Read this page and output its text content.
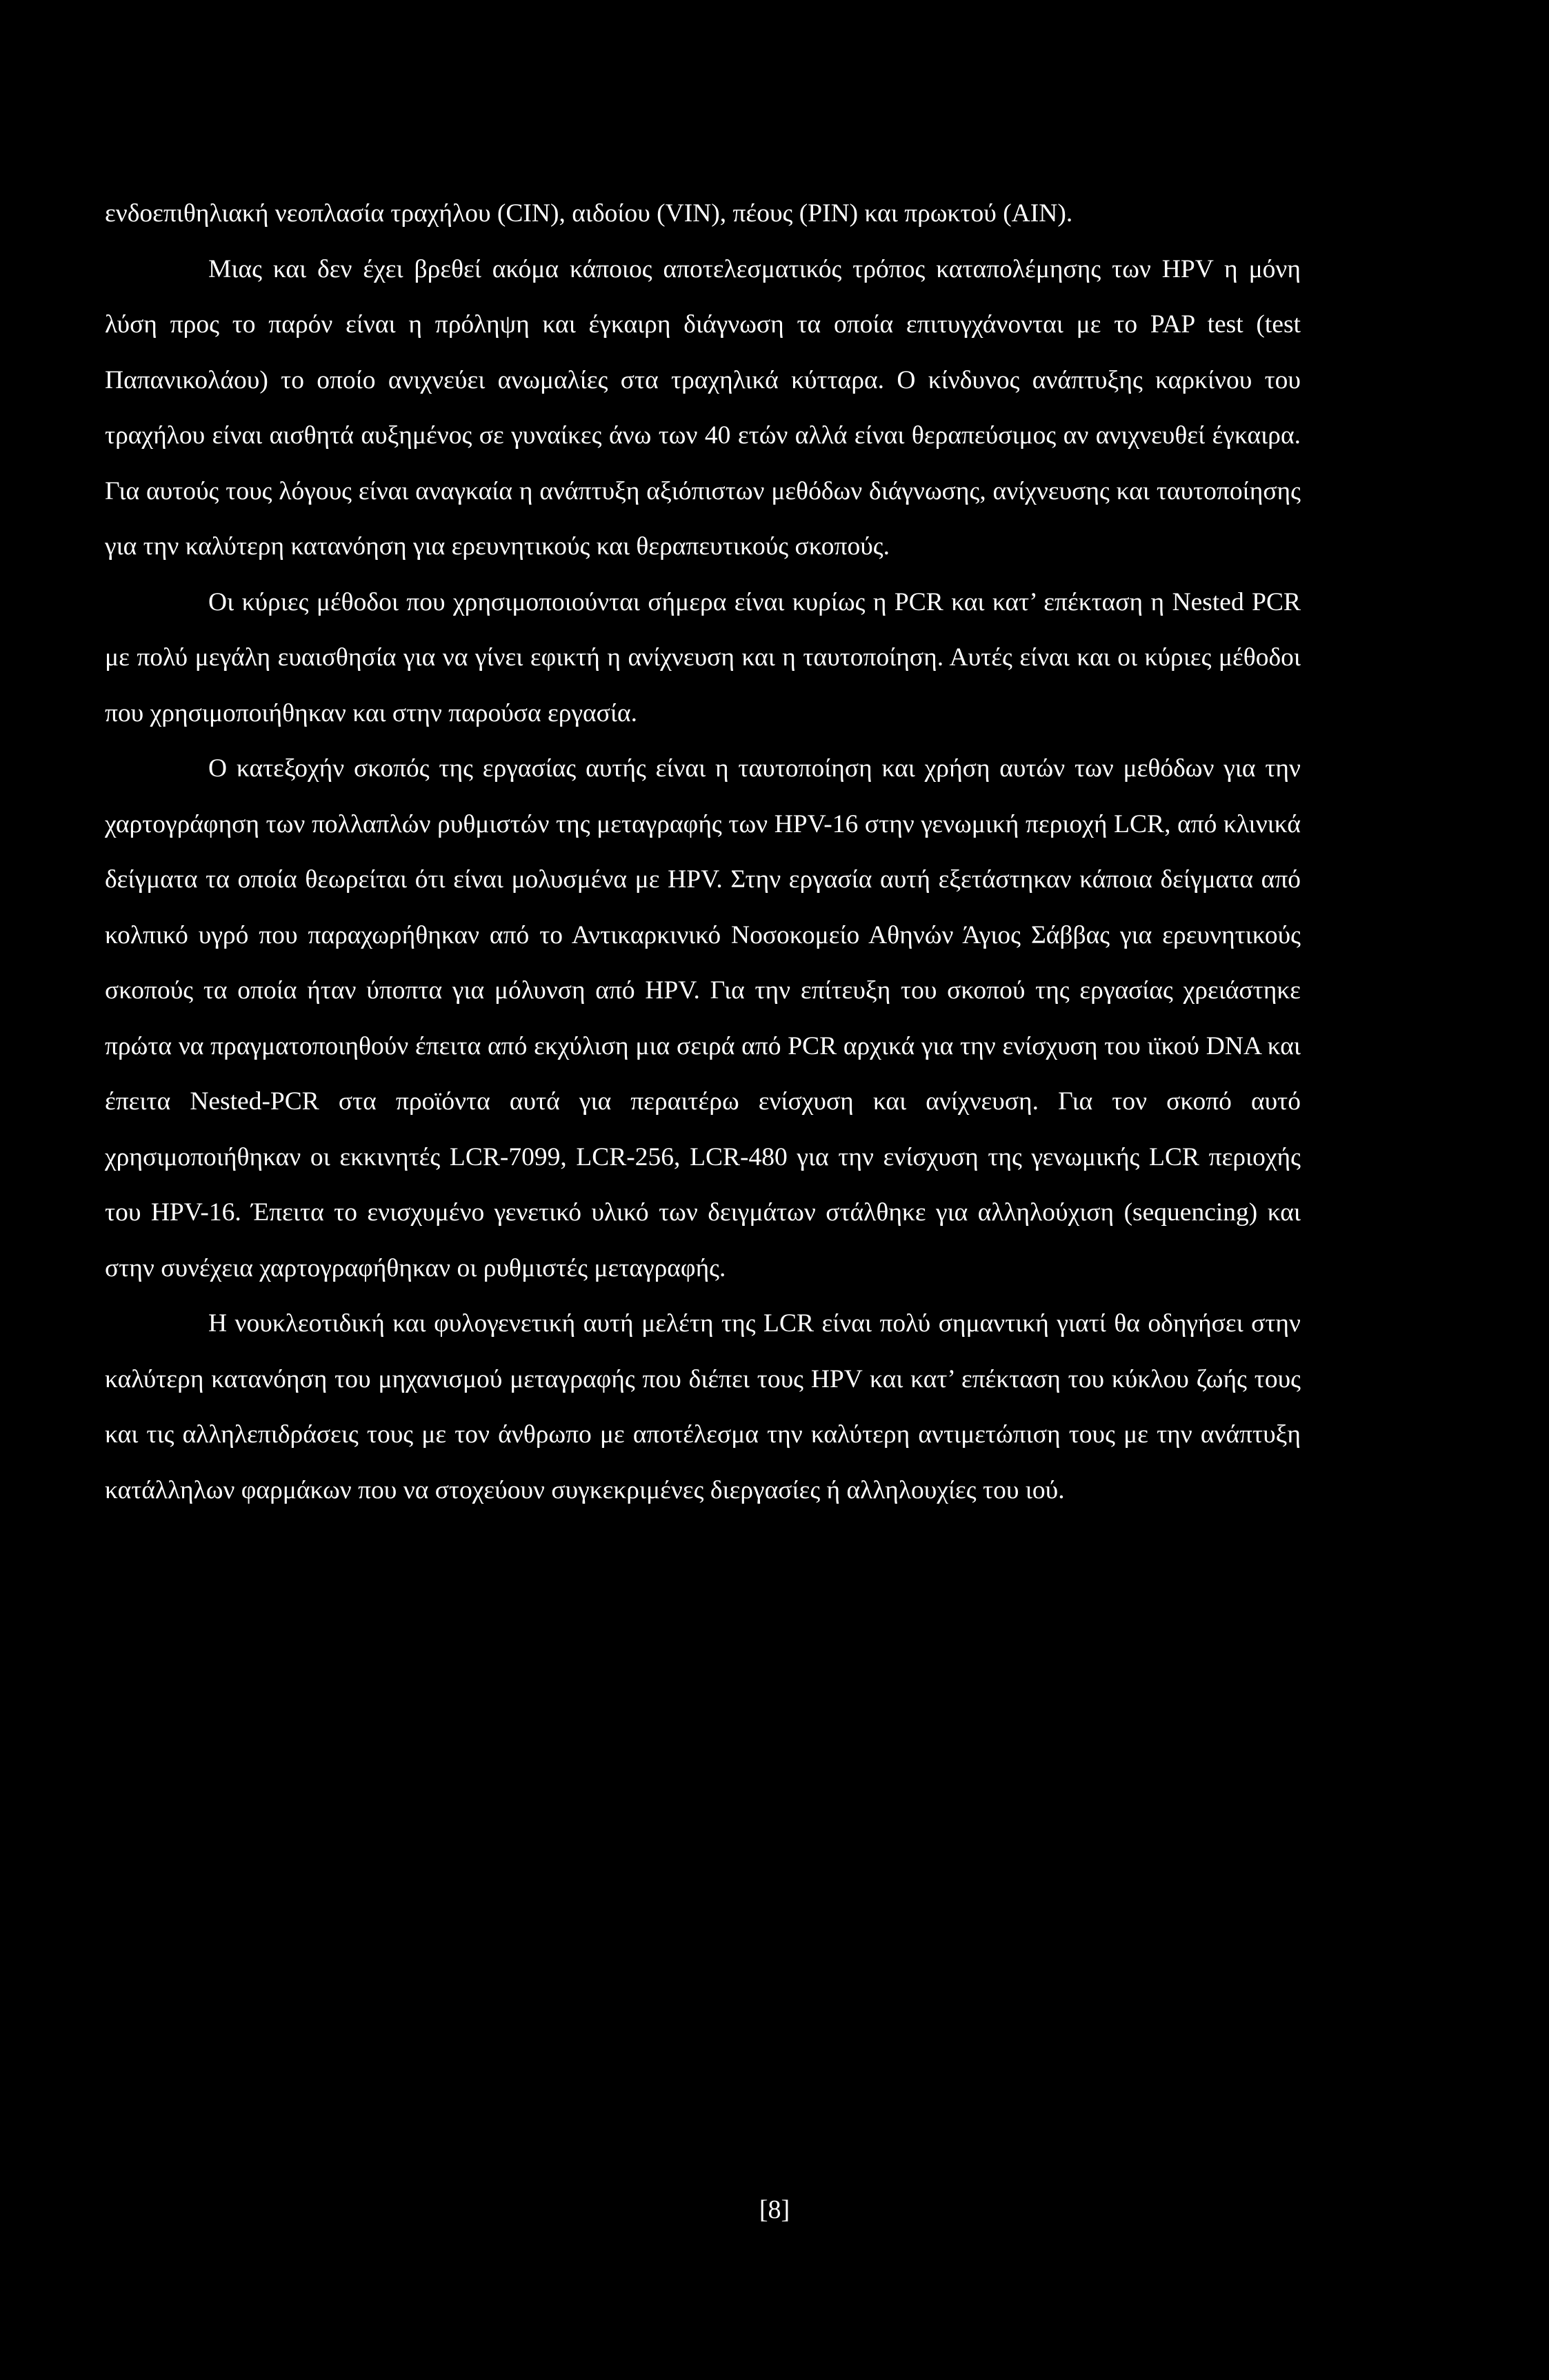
ενδοεπιθηλιακή νεοπλασία τραχήλου (CIN), αιδοίου (VIN), πέους (PIN) και πρωκτού (AIN).

Μιας και δεν έχει βρεθεί ακόμα κάποιος αποτελεσματικός τρόπος καταπολέμησης των HPV η μόνη λύση προς το παρόν είναι η πρόληψη και έγκαιρη διάγνωση τα οποία επιτυγχάνονται με το PAP test (test Παπανικολάου) το οποίο ανιχνεύει ανωμαλίες στα τραχηλικά κύτταρα. Ο κίνδυνος ανάπτυξης καρκίνου του τραχήλου είναι αισθητά αυξημένος σε γυναίκες άνω των 40 ετών αλλά είναι θεραπεύσιμος αν ανιχνευθεί έγκαιρα. Για αυτούς τους λόγους είναι αναγκαία η ανάπτυξη αξιόπιστων μεθόδων διάγνωσης, ανίχνευσης και ταυτοποίησης για την καλύτερη κατανόηση για ερευνητικούς και θεραπευτικούς σκοπούς.

Οι κύριες μέθοδοι που χρησιμοποιούνται σήμερα είναι κυρίως η PCR και κατ’ επέκταση η Nested PCR με πολύ μεγάλη ευαισθησία για να γίνει εφικτή η ανίχνευση και η ταυτοποίηση. Αυτές είναι και οι κύριες μέθοδοι που χρησιμοποιήθηκαν και στην παρούσα εργασία.

Ο κατεξοχήν σκοπός της εργασίας αυτής είναι η ταυτοποίηση και χρήση αυτών των μεθόδων για την χαρτογράφηση των πολλαπλών ρυθμιστών της μεταγραφής των HPV-16 στην γενωμική περιοχή LCR, από κλινικά δείγματα τα οποία θεωρείται ότι είναι μολυσμένα με HPV. Στην εργασία αυτή εξετάστηκαν κάποια δείγματα από κολπικό υγρό που παραχωρήθηκαν από το Αντικαρκινικό Νοσοκομείο Αθηνών Άγιος Σάββας για ερευνητικούς σκοπούς τα οποία ήταν ύποπτα για μόλυνση από HPV. Για την επίτευξη του σκοπού της εργασίας χρειάστηκε πρώτα να πραγματοποιηθούν έπειτα από εκχύλιση μια σειρά από PCR αρχικά για την ενίσχυση του ιϊκού DNA και έπειτα Nested-PCR στα προϊόντα αυτά για περαιτέρω ενίσχυση και ανίχνευση. Για τον σκοπό αυτό χρησιμοποιήθηκαν οι εκκινητές LCR-7099, LCR-256, LCR-480 για την ενίσχυση της γενωμικής LCR περιοχής του HPV-16. Έπειτα το ενισχυμένο γενετικό υλικό των δειγμάτων στάλθηκε για αλληλούχιση (sequencing) και στην συνέχεια χαρτογραφήθηκαν οι ρυθμιστές μεταγραφής.

Η νουκλεοτιδική και φυλογενετική αυτή μελέτη της LCR είναι πολύ σημαντική γιατί θα οδηγήσει στην καλύτερη κατανόηση του μηχανισμού μεταγραφής που διέπει τους HPV και κατ’ επέκταση του κύκλου ζωής τους και τις αλληλεπιδράσεις τους με τον άνθρωπο με αποτέλεσμα την καλύτερη αντιμετώπιση τους με την ανάπτυξη κατάλληλων φαρμάκων που να στοχεύουν συγκεκριμένες διεργασίες ή αλληλουχίες του ιού.

[8]
